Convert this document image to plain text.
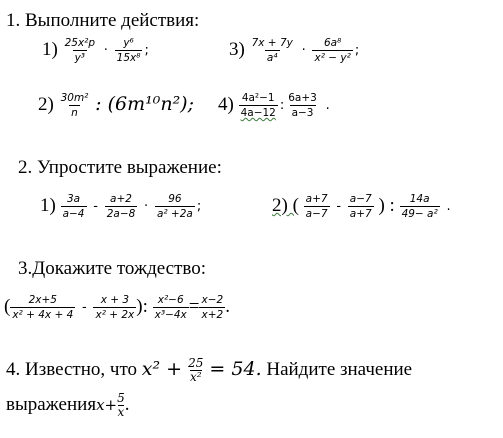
1. Выполните действия:
$1) \frac{\text{25x²p}}{\text{y³}} \cdot \frac{\text{y⁶}}{\text{15x⁸}}$ ;	$3) \frac{7x + 7y}{\text{a⁴}} \cdot \frac{\text{6a⁸}}{\text{x² − y²}}$ ;
$2) \frac{\text{30m²}}{n}$ : (6m¹⁰n²); $4) \frac{\text{4a²−1}}{4a-12}$ : $\frac{6a+3}{a-3}$ .
2. Упростите выражение:
$1) \frac{3a}{a-4} - \frac{a+2}{2a-8} \cdot \frac{96}{\text{a² +2a}}$ ;	2) ( $\frac{a+7}{a-7} - \frac{a-7}{a+7}$ ) : $\frac{14a}{\text{49− a²}}$ .
3.Докажите тождество:
( $\frac{2x+5}{\text{x² + 4x + 4}} - \frac{x + 3}{\text{x² + 2x}}$ ): $\frac{\text{x²−6}}{\text{x³−4x}} = \frac{x-2}{x+2}$ .
4. Известно, что $x^2 + \frac{25}{\text{x²}} = 54$. Найдите значение
выраженияx+ $\frac{5}{x}$ .
